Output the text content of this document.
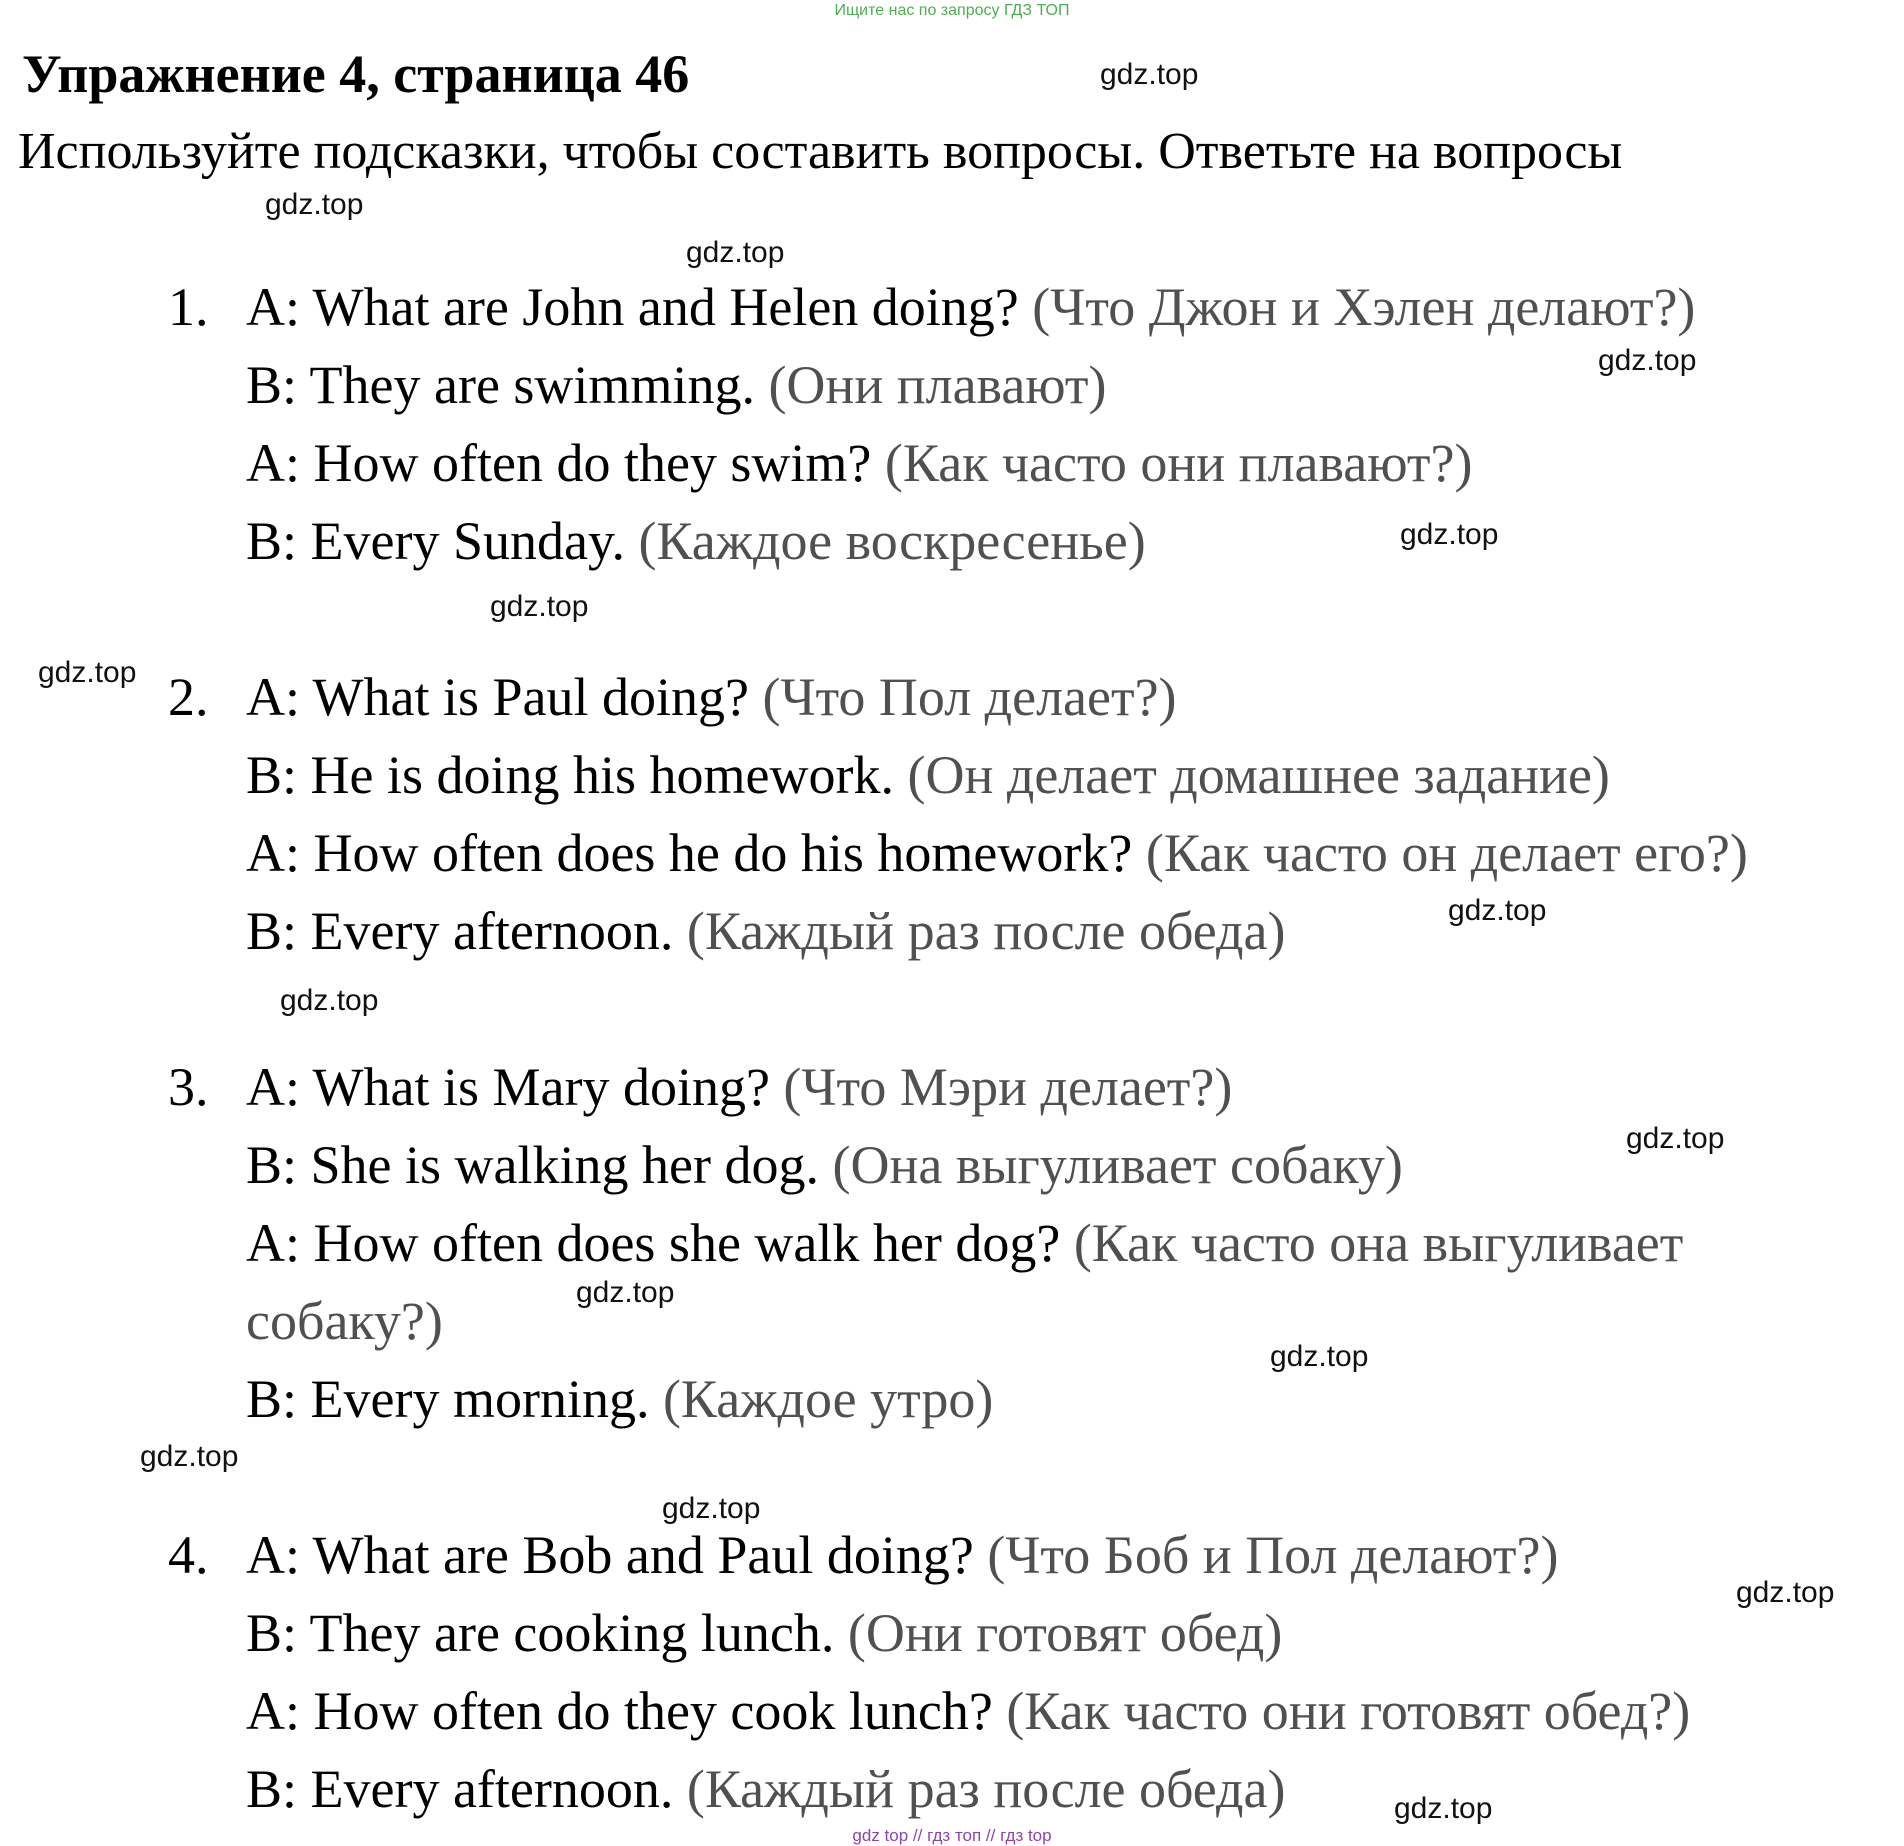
Ищите нас по запросу ГДЗ ТОП
Упражнение 4, страница 46

Используйте подсказки, чтобы составить вопросы. Ответьте на вопросы

1. A: What are John and Helen doing? (Что Джон и Хэлен делают?)
B: They are swimming. (Они плавают)
A: How often do they swim? (Как часто они плавают?)
B: Every Sunday. (Каждое воскресенье)
2. A: What is Paul doing? (Что Пол делает?)
B: He is doing his homework. (Он делает домашнее задание)
A: How often does he do his homework? (Как часто он делает его?)
B: Every afternoon. (Каждый раз после обеда)
3. A: What is Mary doing? (Что Мэри делает?)
B: She is walking her dog. (Она выгуливает собаку)
A: How often does she walk her dog? (Как часто она выгуливает собаку?)
B: Every morning. (Каждое утро)
4. A: What are Bob and Paul doing? (Что Боб и Пол делают?)
B: They are cooking lunch. (Они готовят обед)
A: How often do they cook lunch? (Как часто они готовят обед?)
B: Every afternoon. (Каждый раз после обеда)
gdz.top
gdz.top
gdz.top
gdz.top
gdz.top
gdz.top
gdz.top
gdz.top
gdz.top
gdz.top
gdz.top
gdz.top
gdz.top
gdz.top
gdz.top
gdz.top
gdz top // гдз топ // гдз top
